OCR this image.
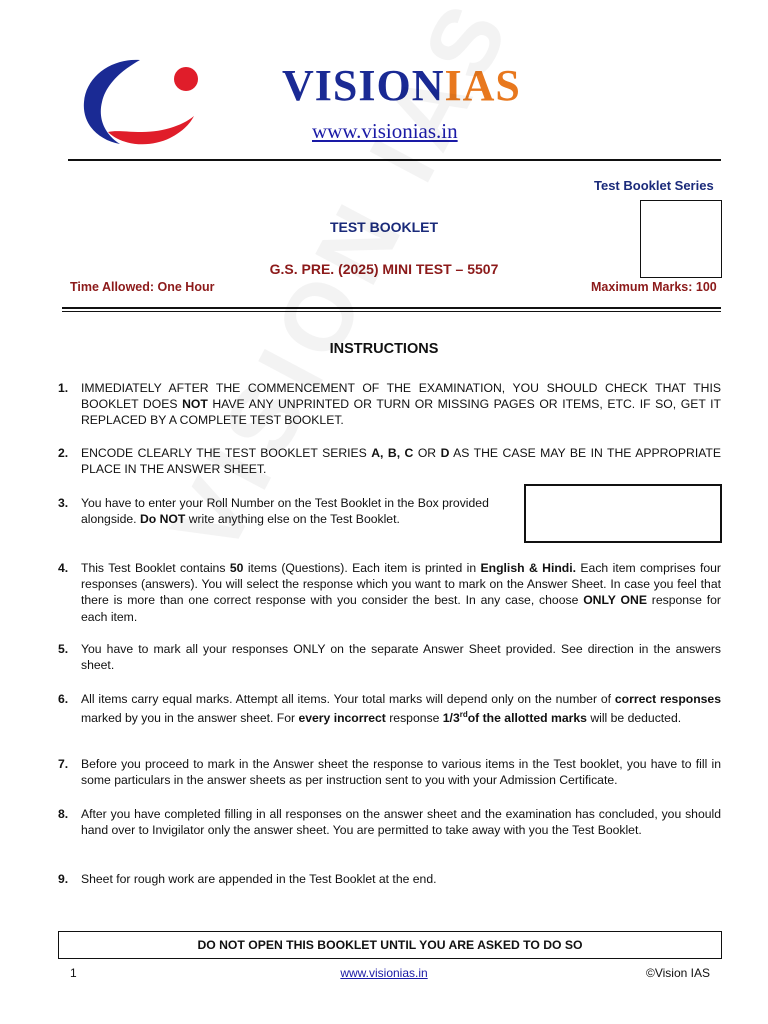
VISIONIAS
www.visionias.in
Test Booklet Series
TEST BOOKLET
G.S. PRE. (2025) MINI TEST – 5507
Time Allowed: One Hour	Maximum Marks: 100
INSTRUCTIONS
1. IMMEDIATELY AFTER THE COMMENCEMENT OF THE EXAMINATION, YOU SHOULD CHECK THAT THIS BOOKLET DOES NOT HAVE ANY UNPRINTED OR TURN OR MISSING PAGES OR ITEMS, ETC. IF SO, GET IT REPLACED BY A COMPLETE TEST BOOKLET.
2. ENCODE CLEARLY THE TEST BOOKLET SERIES A, B, C OR D AS THE CASE MAY BE IN THE APPROPRIATE PLACE IN THE ANSWER SHEET.
3. You have to enter your Roll Number on the Test Booklet in the Box provided alongside. Do NOT write anything else on the Test Booklet.
4. This Test Booklet contains 50 items (Questions). Each item is printed in English & Hindi. Each item comprises four responses (answers). You will select the response which you want to mark on the Answer Sheet. In case you feel that there is more than one correct response with you consider the best. In any case, choose ONLY ONE response for each item.
5. You have to mark all your responses ONLY on the separate Answer Sheet provided. See direction in the answers sheet.
6. All items carry equal marks. Attempt all items. Your total marks will depend only on the number of correct responses marked by you in the answer sheet. For every incorrect response 1/3rdof the allotted marks will be deducted.
7. Before you proceed to mark in the Answer sheet the response to various items in the Test booklet, you have to fill in some particulars in the answer sheets as per instruction sent to you with your Admission Certificate.
8. After you have completed filling in all responses on the answer sheet and the examination has concluded, you should hand over to Invigilator only the answer sheet. You are permitted to take away with you the Test Booklet.
9. Sheet for rough work are appended in the Test Booklet at the end.
DO NOT OPEN THIS BOOKLET UNTIL YOU ARE ASKED TO DO SO
1	www.visionias.in	©Vision IAS
